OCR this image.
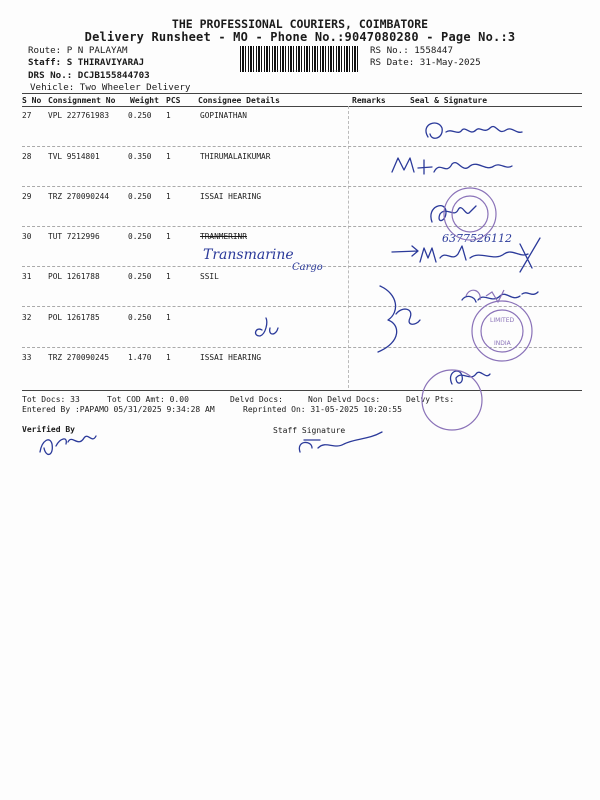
THE PROFESSIONAL COURIERS, COIMBATORE
Delivery Runsheet - MO - Phone No.:9047080280 - Page No.:3
Route: P N PALAYAM
Staff: S THIRAVIYARAJ
DRS No.: DCJB155844703
Vehicle: Two Wheeler Delivery
RS No.: 1558447
RS Date: 31-May-2025
S No Consignment No Weight PCS Consignee Details	Remarks	Seal & Signature
27 VPL 227761983 0.250 1	GOPINATHAN
28 TVL 9514801	0.350 1	THIRUMALAIKUMAR
29 TRZ 270090244 0.250 1	ISSAI HEARING
30 TUT 7212996	0.250 1	TRANMERINR
31 POL 1261788	0.250 1	SSIL
32 POL 1261785	0.250 1
33 TRZ 270090245 1.470 1	ISSAI HEARING
Tot Docs: 33	Tot COD Amt: 0.00	Delvd Docs:	Non Delvd Docs:	Delvy Pts:
Entered By :PAPAMO 05/31/2025 9:34:28 AM	Reprinted On: 31-05-2025 10:20:55
Verified By	Staff Signature
Transmarine
Cargo
6377526112
LIMITED
INDIA
